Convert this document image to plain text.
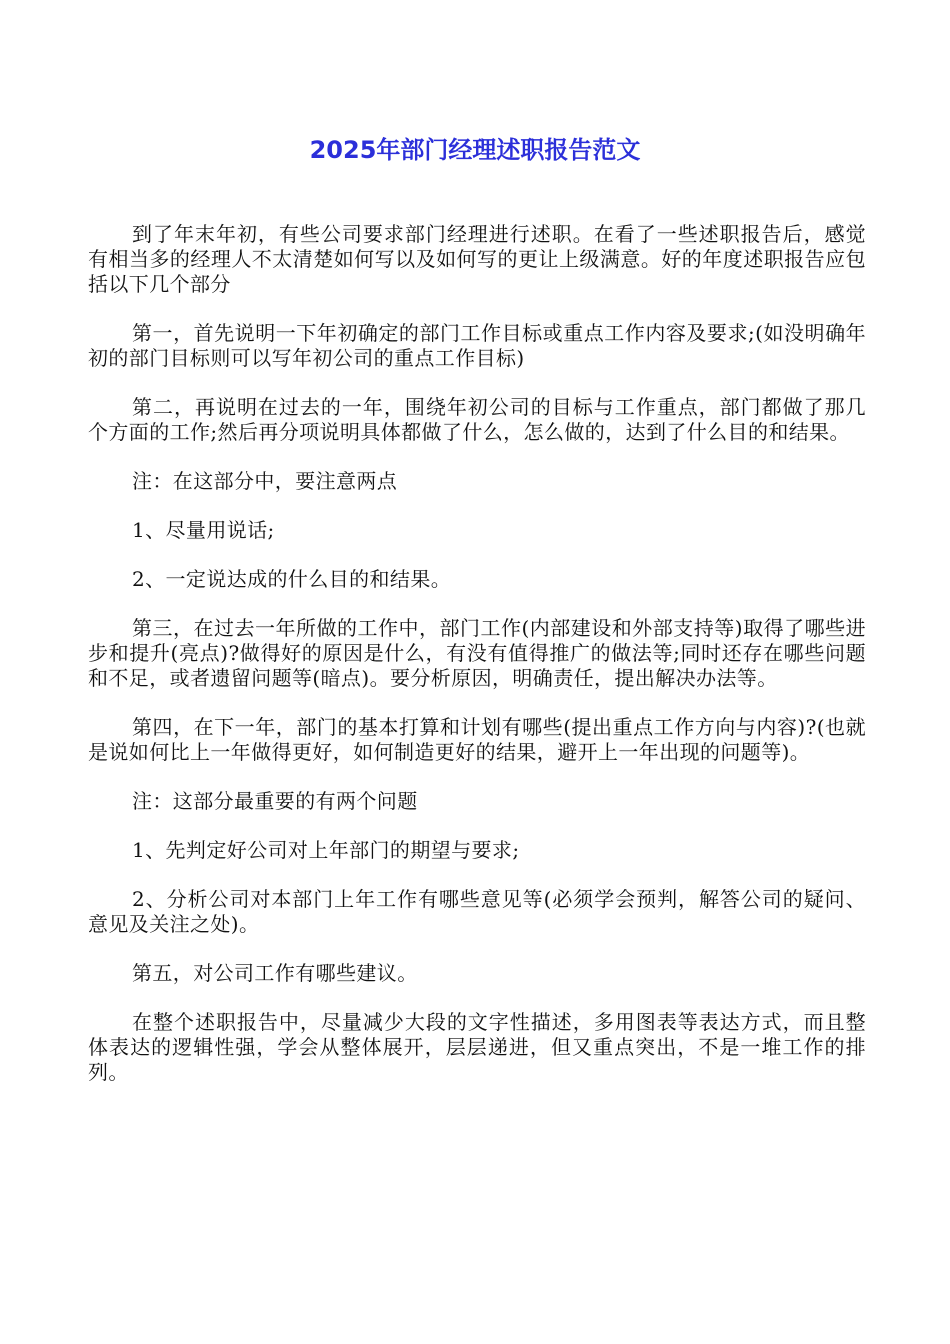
2025年部门经理述职报告范文

到了年末年初，有些公司要求部门经理进行述职。在看了一些述职报告后，感觉有相当多的经理人不太清楚如何写以及如何写的更让上级满意。好的年度述职报告应包括以下几个部分

第一，首先说明一下年初确定的部门工作目标或重点工作内容及要求;(如没明确年初的部门目标则可以写年初公司的重点工作目标)

第二，再说明在过去的一年，围绕年初公司的目标与工作重点，部门都做了那几个方面的工作;然后再分项说明具体都做了什么，怎么做的，达到了什么目的和结果。

注：在这部分中，要注意两点

1、尽量用说话;

2、一定说达成的什么目的和结果。

第三，在过去一年所做的工作中，部门工作(内部建设和外部支持等)取得了哪些进步和提升(亮点)?做得好的原因是什么，有没有值得推广的做法等;同时还存在哪些问题和不足，或者遗留问题等(暗点)。要分析原因，明确责任，提出解决办法等。

第四，在下一年，部门的基本打算和计划有哪些(提出重点工作方向与内容)?(也就是说如何比上一年做得更好，如何制造更好的结果，避开上一年出现的问题等)。

注：这部分最重要的有两个问题

1、先判定好公司对上年部门的期望与要求;

2、分析公司对本部门上年工作有哪些意见等(必须学会预判，解答公司的疑问、意见及关注之处)。

第五，对公司工作有哪些建议。

在整个述职报告中，尽量减少大段的文字性描述，多用图表等表达方式，而且整体表达的逻辑性强，学会从整体展开，层层递进，但又重点突出，不是一堆工作的排列。
